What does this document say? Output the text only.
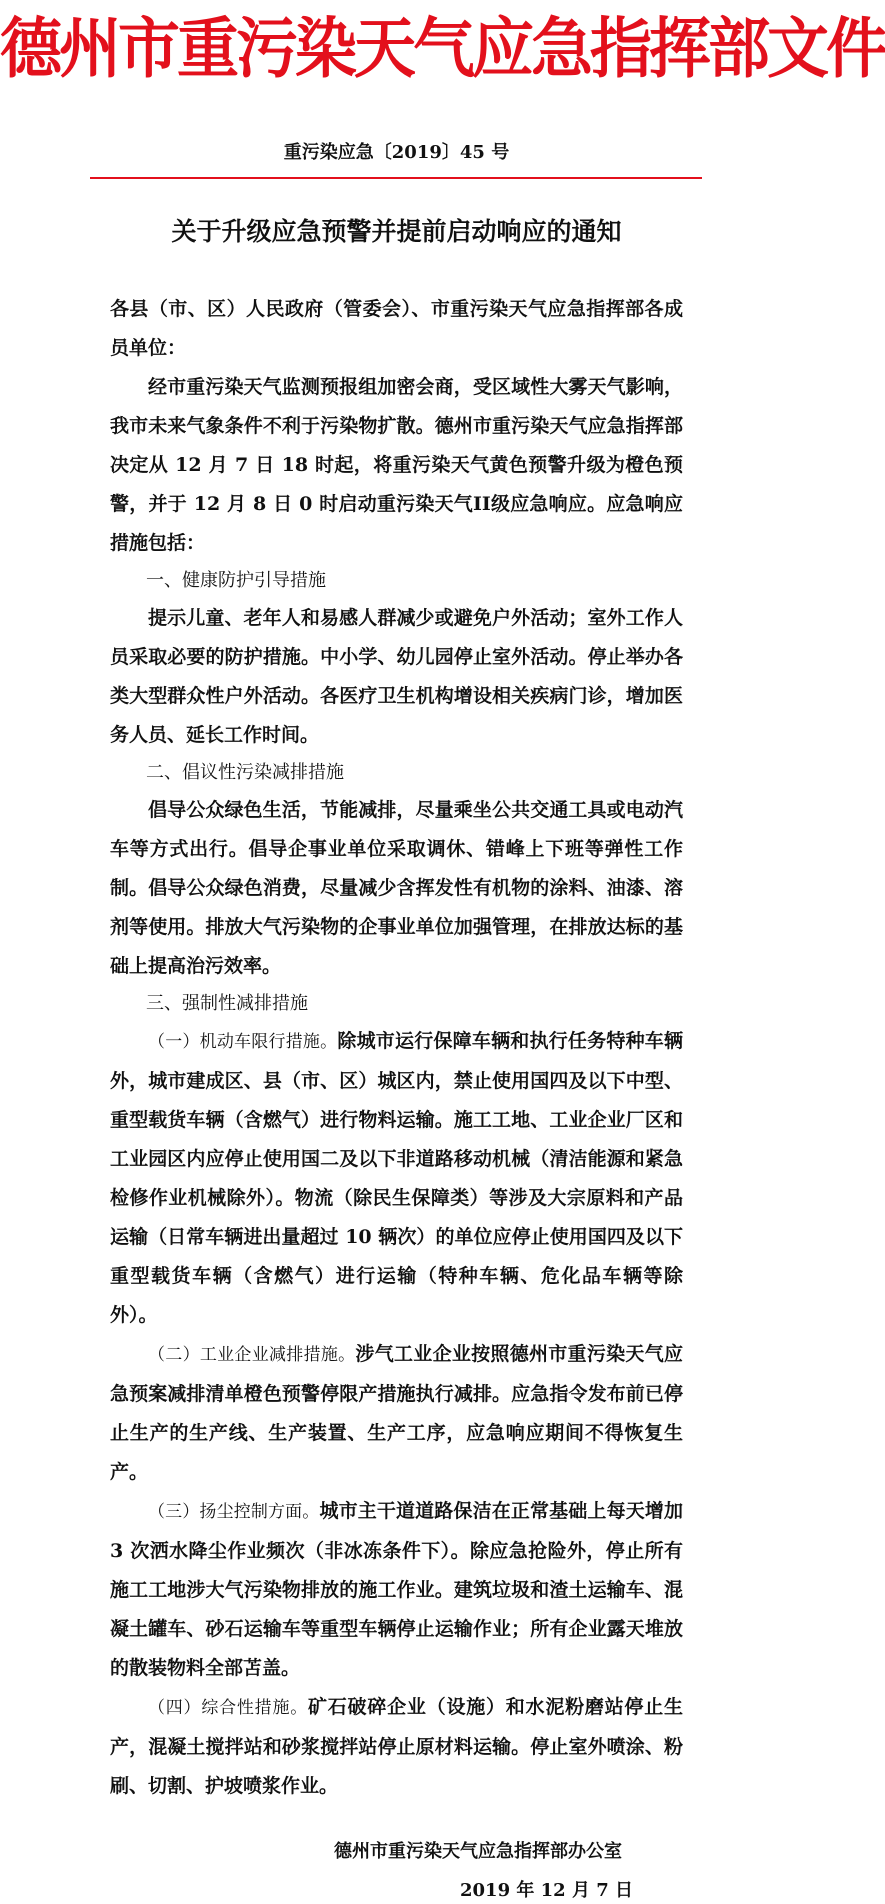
德州市重污染天气应急指挥部文件
重污染应急〔2019〕45 号
关于升级应急预警并提前启动响应的通知

各县（市、区）人民政府（管委会）、市重污染天气应急指挥部各成员单位：

经市重污染天气监测预报组加密会商，受区域性大雾天气影响，我市未来气象条件不利于污染物扩散。德州市重污染天气应急指挥部决定从 12 月 7 日 18 时起，将重污染天气黄色预警升级为橙色预警，并于 12 月 8 日 0 时启动重污染天气II级应急响应。应急响应措施包括：

一、健康防护引导措施

提示儿童、老年人和易感人群减少或避免户外活动；室外工作人员采取必要的防护措施。中小学、幼儿园停止室外活动。停止举办各类大型群众性户外活动。各医疗卫生机构增设相关疾病门诊，增加医务人员、延长工作时间。

二、倡议性污染减排措施

倡导公众绿色生活，节能减排，尽量乘坐公共交通工具或电动汽车等方式出行。倡导企事业单位采取调休、错峰上下班等弹性工作制。倡导公众绿色消费，尽量减少含挥发性有机物的涂料、油漆、溶剂等使用。排放大气污染物的企事业单位加强管理，在排放达标的基础上提高治污效率。

三、强制性减排措施

（一）机动车限行措施。除城市运行保障车辆和执行任务特种车辆外，城市建成区、县（市、区）城区内，禁止使用国四及以下中型、重型载货车辆（含燃气）进行物料运输。施工工地、工业企业厂区和工业园区内应停止使用国二及以下非道路移动机械（清洁能源和紧急检修作业机械除外）。物流（除民生保障类）等涉及大宗原料和产品运输（日常车辆进出量超过 10 辆次）的单位应停止使用国四及以下重型载货车辆（含燃气）进行运输（特种车辆、危化品车辆等除外）。

（二）工业企业减排措施。涉气工业企业按照德州市重污染天气应急预案减排清单橙色预警停限产措施执行减排。应急指令发布前已停止生产的生产线、生产装置、生产工序，应急响应期间不得恢复生产。

（三）扬尘控制方面。城市主干道道路保洁在正常基础上每天增加 3 次洒水降尘作业频次（非冰冻条件下）。除应急抢险外，停止所有施工工地涉大气污染物排放的施工作业。建筑垃圾和渣土运输车、混凝土罐车、砂石运输车等重型车辆停止运输作业；所有企业露天堆放的散装物料全部苫盖。

（四）综合性措施。矿石破碎企业（设施）和水泥粉磨站停止生产，混凝土搅拌站和砂浆搅拌站停止原材料运输。停止室外喷涂、粉刷、切割、护坡喷浆作业。

德州市重污染天气应急指挥部办公室
2019 年 12 月 7 日
